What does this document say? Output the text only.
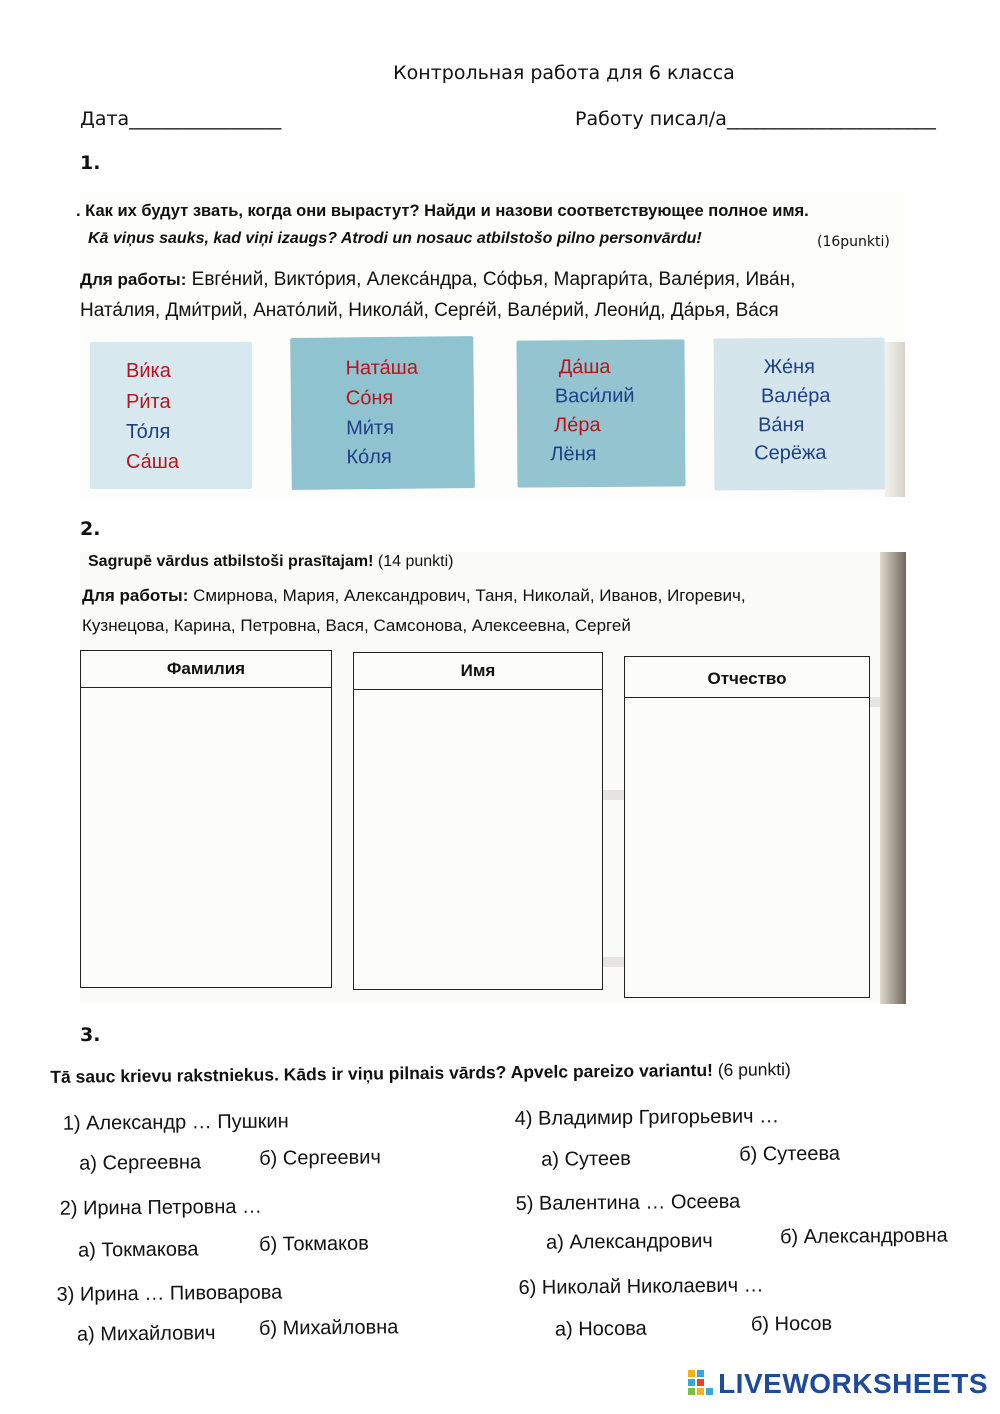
Контрольная работа для 6 класса
Дата________________	Работу писал/а______________________
1.
. Как их будут звать, когда они вырастут? Найди и назови соответствующее полное имя.
Kā viņus sauks, kad viņi izaugs? Atrodi un nosauc atbilstošo pilno personvārdu!	(16punkti)
Для работы: Евге́ний, Викто́рия, Алекса́ндра, Со́фья, Маргари́та, Вале́рия, Ива́н,
Ната́лия, Дми́трий, Анато́лий, Никола́й, Серге́й, Вале́рий, Леони́д, Да́рья, Ва́ся
Ви́ка
Ри́та
То́ля
Са́ша
Ната́ша
Со́ня
Ми́тя
Ко́ля
Да́ша
Васи́лий
Ле́ра
Лёня
Же́ня
Вале́ра
Ва́ня
Серёжа
2.
Sagrupē vārdus atbilstoši prasītajam! (14 punkti)
Для работы: Смирнова, Мария, Александрович, Таня, Николай, Иванов, Игоревич,
Кузнецова, Карина, Петровна, Вася, Самсонова, Алексеевна, Сергей
Фамилия	Имя	Отчество
3.
Tā sauc krievu rakstniekus. Kāds ir viņu pilnais vārds? Apvelc pareizo variantu! (6 punkti)
1) Александр … Пушкин
а) Сергеевна	б) Сергеевич
2) Ирина Петровна …
а) Токмакова	б) Токмаков
3) Ирина … Пивоварова
а) Михайлович б) Михайловна
4) Владимир Григорьевич …
а) Сутеев	б) Сутеева
5) Валентина … Осеева
а) Александрович	б) Александровна
6) Николай Николаевич …
а) Носова	б) Носов
LIVEWORKSHEETS
